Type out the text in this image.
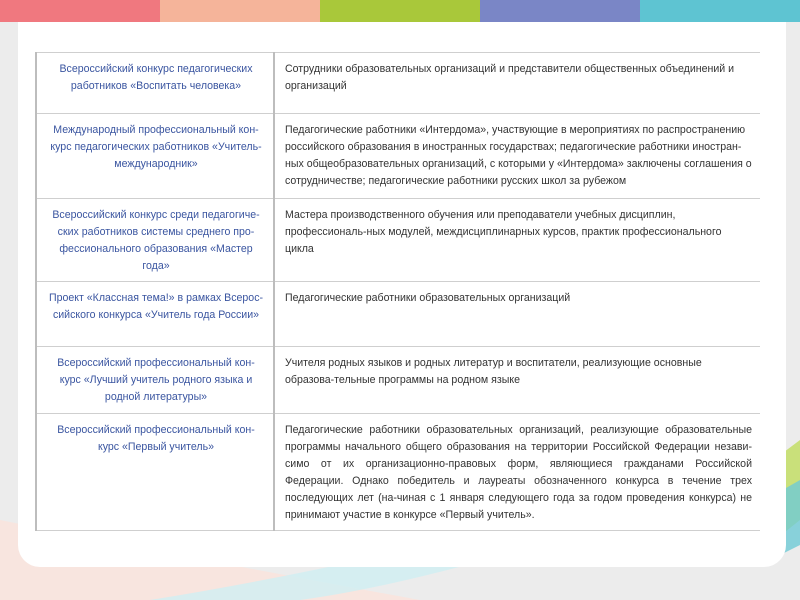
Всероссийский конкурс педагогических работников «Воспитать человека»	Сотрудники образовательных организаций и представители общественных объединений и организаций
Международный профессиональный кон-курс педагогических работников «Учитель-международник»	Педагогические работники «Интердома», участвующие в мероприятиях по распространению российского образования в иностранных государствах; педагогические работники иностран-ных общеобразовательных организаций, с которыми у «Интердома» заключены соглашения о сотрудничестве; педагогические работники русских школ за рубежом
Всероссийский конкурс среди педагогиче-ских работников системы среднего про-фессионального образования «Мастер года»	Мастера производственного обучения или преподаватели учебных дисциплин, профессиональ-ных модулей, междисциплинарных курсов, практик профессионального цикла
Проект «Классная тема!» в рамках Всерос-сийского конкурса «Учитель года России»	Педагогические работники образовательных организаций
Всероссийский профессиональный кон-курс «Лучший учитель родного языка и родной литературы»	Учителя родных языков и родных литератур и воспитатели, реализующие основные образова-тельные программы на родном языке
Всероссийский профессиональный кон-курс «Первый учитель»	Педагогические работники образовательных организаций, реализующие образовательные программы начального общего образования на территории Российской Федерации незави-симо от их организационно-правовых форм, являющиеся гражданами Российской Федерации. Однако победитель и лауреаты обозначенного конкурса в течение трех последующих лет (на-чиная с 1 января следующего года за годом проведения конкурса) не принимают участие в конкурсе «Первый учитель».
